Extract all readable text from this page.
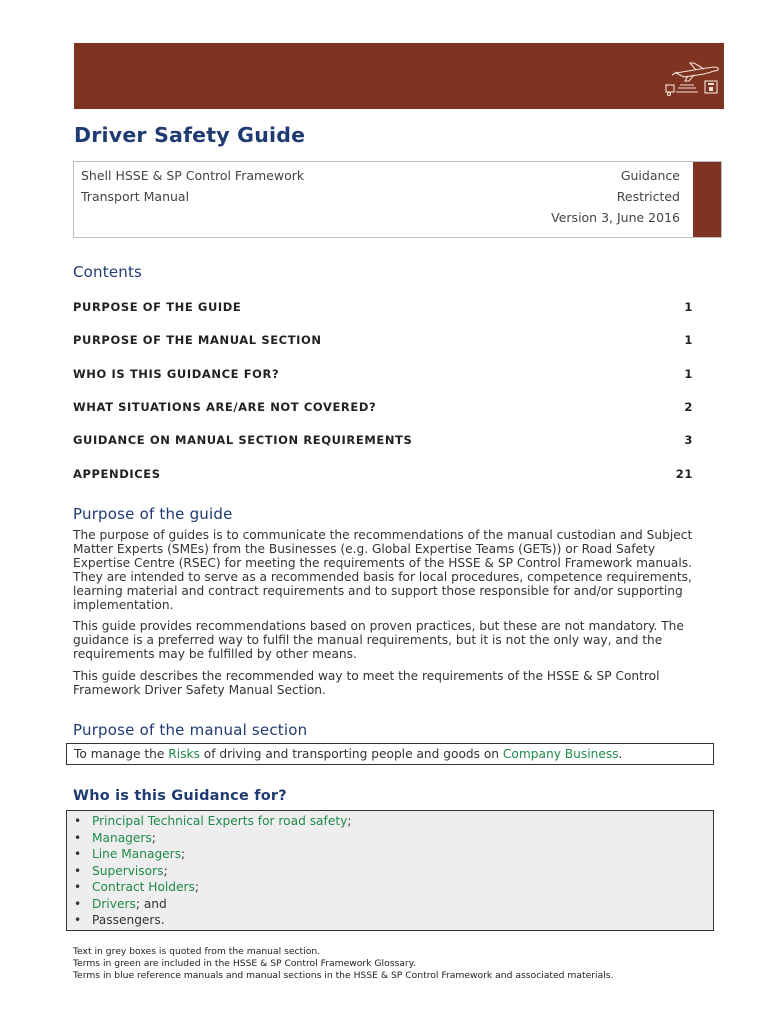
Driver Safety Guide
Shell HSSE & SP Control Framework
Transport Manual
Guidance
Restricted
Version 3, June 2016
Contents
PURPOSE OF THE GUIDE	1
PURPOSE OF THE MANUAL SECTION	1
WHO IS THIS GUIDANCE FOR?	1
WHAT SITUATIONS ARE/ARE NOT COVERED?	2
GUIDANCE ON MANUAL SECTION REQUIREMENTS	3
APPENDICES	21
Purpose of the guide

The purpose of guides is to communicate the recommendations of the manual custodian and Subject Matter Experts (SMEs) from the Businesses (e.g. Global Expertise Teams (GETs)) or Road Safety Expertise Centre (RSEC) for meeting the requirements of the HSSE & SP Control Framework manuals. They are intended to serve as a recommended basis for local procedures, competence requirements, learning material and contract requirements and to support those responsible for and/or supporting implementation.

This guide provides recommendations based on proven practices, but these are not mandatory. The guidance is a preferred way to fulfil the manual requirements, but it is not the only way, and the requirements may be fulfilled by other means.

This guide describes the recommended way to meet the requirements of the HSSE & SP Control Framework Driver Safety Manual Section.

Purpose of the manual section
To manage the Risks of driving and transporting people and goods on Company Business.
Who is this Guidance for?
• Principal Technical Experts for road safety;
• Managers;
• Line Managers;
• Supervisors;
• Contract Holders;
• Drivers; and
• Passengers.
Text in grey boxes is quoted from the manual section.
Terms in green are included in the HSSE & SP Control Framework Glossary.
Terms in blue reference manuals and manual sections in the HSSE & SP Control Framework and associated materials.
